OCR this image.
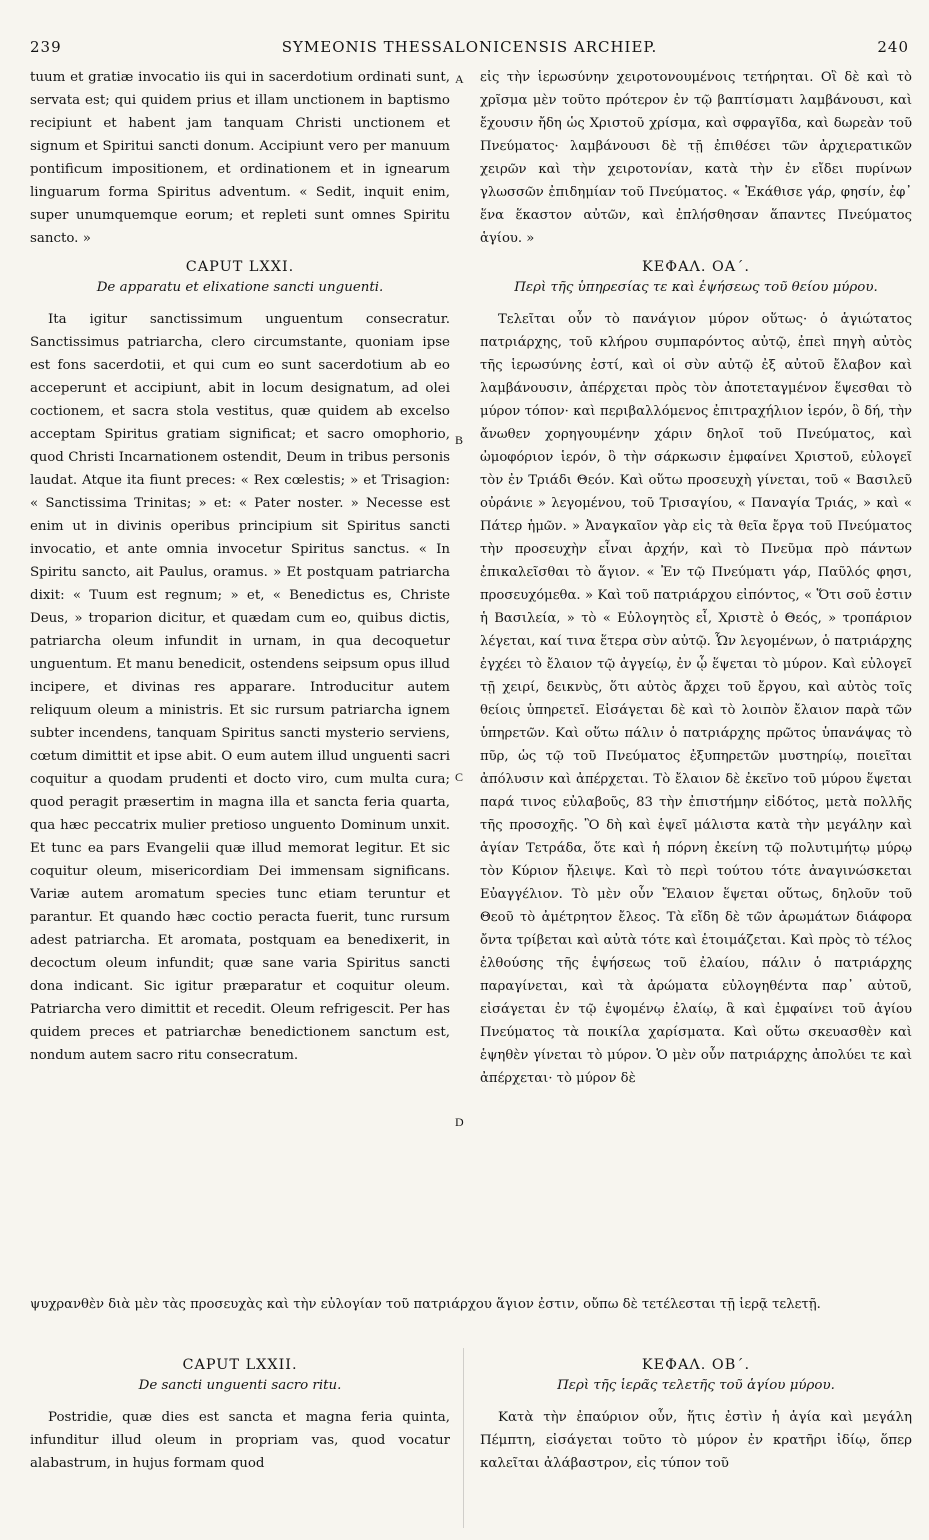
239	SYMEONIS THESSALONICENSIS ARCHIEP.	240
A
B
C
D

tuum et gratiæ invocatio iis qui in sacerdotium ordinati sunt, servata est; qui quidem prius et illam unctionem in baptismo recipiunt et habent jam tanquam Christi unctionem et signum et Spiritui sancti donum. Accipiunt vero per manuum pontificum impositionem, et ordinationem et in ignearum linguarum forma Spiritus adventum. « Sedit, inquit enim, super unumquemque eorum; et repleti sunt omnes Spiritu sancto. »

CAPUT LXXI.
De apparatu et elixatione sancti unguenti.

Ita igitur sanctissimum unguentum consecratur. Sanctissimus patriarcha, clero circumstante, quoniam ipse est fons sacerdotii, et qui cum eo sunt sacerdotium ab eo acceperunt et accipiunt, abit in locum designatum, ad olei coctionem, et sacra stola vestitus, quæ quidem ab excelso acceptam Spiritus gratiam significat; et sacro omophorio, quod Christi Incarnationem ostendit, Deum in tribus personis laudat. Atque ita fiunt preces: « Rex cœlestis; » et Trisagion: « Sanctissima Trinitas; » et: « Pater noster. » Necesse est enim ut in divinis operibus principium sit Spiritus sancti invocatio, et ante omnia invocetur Spiritus sanctus. « In Spiritu sancto, ait Paulus, oramus. » Et postquam patriarcha dixit: « Tuum est regnum; » et, « Benedictus es, Christe Deus, » troparion dicitur, et quædam cum eo, quibus dictis, patriarcha oleum infundit in urnam, in qua decoquetur unguentum. Et manu benedicit, ostendens seipsum opus illud incipere, et divinas res apparare. Introducitur autem reliquum oleum a ministris. Et sic rursum patriarcha ignem subter incendens, tanquam Spiritus sancti mysterio serviens, cœtum dimittit et ipse abit. O eum autem illud unguenti sacri coquitur a quodam prudenti et docto viro, cum multa cura; quod peragit præsertim in magna illa et sancta feria quarta, qua hæc peccatrix mulier pretioso unguento Dominum unxit. Et tunc ea pars Evangelii quæ illud memorat legitur. Et sic coquitur oleum, misericordiam Dei immensam significans. Variæ autem aromatum species tunc etiam teruntur et parantur. Et quando hæc coctio peracta fuerit, tunc rursum adest patriarcha. Et aromata, postquam ea benedixerit, in decoctum oleum infundit; quæ sane varia Spiritus sancti dona indicant. Sic igitur præparatur et coquitur oleum. Patriarcha vero dimittit et recedit. Oleum refrigescit. Per has quidem preces et patriarchæ benedictionem sanctum est, nondum autem sacro ritu consecratum.

εἰς τὴν ἱερωσύνην χειροτονουμένοις τετήρηται. Οἳ δὲ καὶ τὸ χρῖσμα μὲν τοῦτο πρότερον ἐν τῷ βαπτίσματι λαμβάνουσι, καὶ ἔχουσιν ἤδη ὡς Χριστοῦ χρίσμα, καὶ σφραγῖδα, καὶ δωρεὰν τοῦ Πνεύματος· λαμβάνουσι δὲ τῇ ἐπιθέσει τῶν ἀρχιερατικῶν χειρῶν καὶ τὴν χειροτονίαν, κατὰ τὴν ἐν εἴδει πυρίνων γλωσσῶν ἐπιδημίαν τοῦ Πνεύματος. « Ἐκάθισε γάρ, φησίν, ἐφ᾽ ἕνα ἕκαστον αὐτῶν, καὶ ἐπλήσθησαν ἅπαντες Πνεύματος ἁγίου. »

ΚΕΦΑΛ. ΟΑ΄.
Περὶ τῆς ὑπηρεσίας τε καὶ ἑψήσεως τοῦ θείου μύρου.

Τελεῖται οὖν τὸ πανάγιον μύρον οὕτως· ὁ ἁγιώτατος πατριάρχης, τοῦ κλήρου συμπαρόντος αὐτῷ, ἐπεὶ πηγὴ αὐτὸς τῆς ἱερωσύνης ἐστί, καὶ οἱ σὺν αὐτῷ ἐξ αὐτοῦ ἔλαβον καὶ λαμβάνουσιν, ἀπέρχεται πρὸς τὸν ἀποτεταγμένον ἕψεσθαι τὸ μύρον τόπον· καὶ περιβαλλόμενος ἐπιτραχήλιον ἱερόν, ὃ δή, τὴν ἄνωθεν χορηγουμένην χάριν δηλοῖ τοῦ Πνεύματος, καὶ ὠμοφόριον ἱερόν, ὃ τὴν σάρκωσιν ἐμφαίνει Χριστοῦ, εὐλογεῖ τὸν ἐν Τριάδι Θεόν. Καὶ οὕτω προσευχὴ γίνεται, τοῦ « Βασιλεῦ οὐράνιε » λεγομένου, τοῦ Τρισαγίου, « Παναγία Τριάς, » καὶ « Πάτερ ἡμῶν. » Ἀναγκαῖον γὰρ εἰς τὰ θεῖα ἔργα τοῦ Πνεύματος τὴν προσευχὴν εἶναι ἀρχήν, καὶ τὸ Πνεῦμα πρὸ πάντων ἐπικαλεῖσθαι τὸ ἅγιον. « Ἐν τῷ Πνεύματι γάρ, Παῦλός φησι, προσευχόμεθα. » Καὶ τοῦ πατριάρχου εἰπόντος, « Ὅτι σοῦ ἐστιν ἡ Βασιλεία, » τὸ « Εὐλογητὸς εἶ, Χριστὲ ὁ Θεός, » τροπάριον λέγεται, καί τινα ἕτερα σὺν αὐτῷ. Ὧν λεγομένων, ὁ πατριάρχης ἐγχέει τὸ ἔλαιον τῷ ἀγγείῳ, ἐν ᾧ ἕψεται τὸ μύρον. Καὶ εὐλογεῖ τῇ χειρί, δεικνὺς, ὅτι αὐτὸς ἄρχει τοῦ ἔργου, καὶ αὐτὸς τοῖς θείοις ὑπηρετεῖ. Εἰσάγεται δὲ καὶ τὸ λοιπὸν ἔλαιον παρὰ τῶν ὑπηρετῶν. Καὶ οὕτω πάλιν ὁ πατριάρχης πρῶτος ὑπανάψας τὸ πῦρ, ὡς τῷ τοῦ Πνεύματος ἐξυπηρετῶν μυστηρίῳ, ποιεῖται ἀπόλυσιν καὶ ἀπέρχεται. Τὸ ἔλαιον δὲ ἐκεῖνο τοῦ μύρου ἕψεται παρά τινος εὐλαβοῦς, 83 τὴν ἐπιστήμην εἰδότος, μετὰ πολλῆς τῆς προσοχῆς. Ὃ δὴ καὶ ἑψεῖ μάλιστα κατὰ τὴν μεγάλην καὶ ἁγίαν Τετράδα, ὅτε καὶ ἡ πόρνη ἐκείνη τῷ πολυτιμήτῳ μύρῳ τὸν Κύριον ἤλειψε. Καὶ τὸ περὶ τούτου τότε ἀναγινώσκεται Εὐαγγέλιον. Τὸ μὲν οὖν Ἔλαιον ἕψεται οὕτως, δηλοῦν τοῦ Θεοῦ τὸ ἀμέτρητον ἔλεος. Τὰ εἴδη δὲ τῶν ἀρωμάτων διάφορα ὄντα τρίβεται καὶ αὐτὰ τότε καὶ ἑτοιμάζεται. Καὶ πρὸς τὸ τέλος ἐλθούσης τῆς ἑψήσεως τοῦ ἐλαίου, πάλιν ὁ πατριάρχης παραγίνεται, καὶ τὰ ἀρώματα εὐλογηθέντα παρ᾽ αὐτοῦ, εἰσάγεται ἐν τῷ ἑψομένῳ ἐλαίῳ, ἃ καὶ ἐμφαίνει τοῦ ἁγίου Πνεύματος τὰ ποικίλα χαρίσματα. Καὶ οὕτω σκευασθὲν καὶ ἑψηθὲν γίνεται τὸ μύρον. Ὁ μὲν οὖν πατριάρχης ἀπολύει τε καὶ ἀπέρχεται· τὸ μύρον δὲ

ψυχρανθὲν διὰ μὲν τὰς προσευχὰς καὶ τὴν εὐλογίαν τοῦ πατριάρχου ἅγιον ἐστιν, οὔπω δὲ τετέλεσται τῇ ἱερᾷ τελετῇ.
CAPUT LXXII.
De sancti unguenti sacro ritu.

Postridie, quæ dies est sancta et magna feria quinta, infunditur illud oleum in propriam vas, quod vocatur alabastrum, in hujus formam quod

ΚΕΦΑΛ. ΟΒ΄.
Περὶ τῆς ἱερᾶς τελετῆς τοῦ ἁγίου μύρου.

Κατὰ τὴν ἐπαύριον οὖν, ἥτις ἐστὶν ἡ ἁγία καὶ μεγάλη Πέμπτη, εἰσάγεται τοῦτο τὸ μύρον ἐν κρατῆρι ἰδίῳ, ὅπερ καλεῖται ἀλάβαστρον, εἰς τύπον τοῦ
